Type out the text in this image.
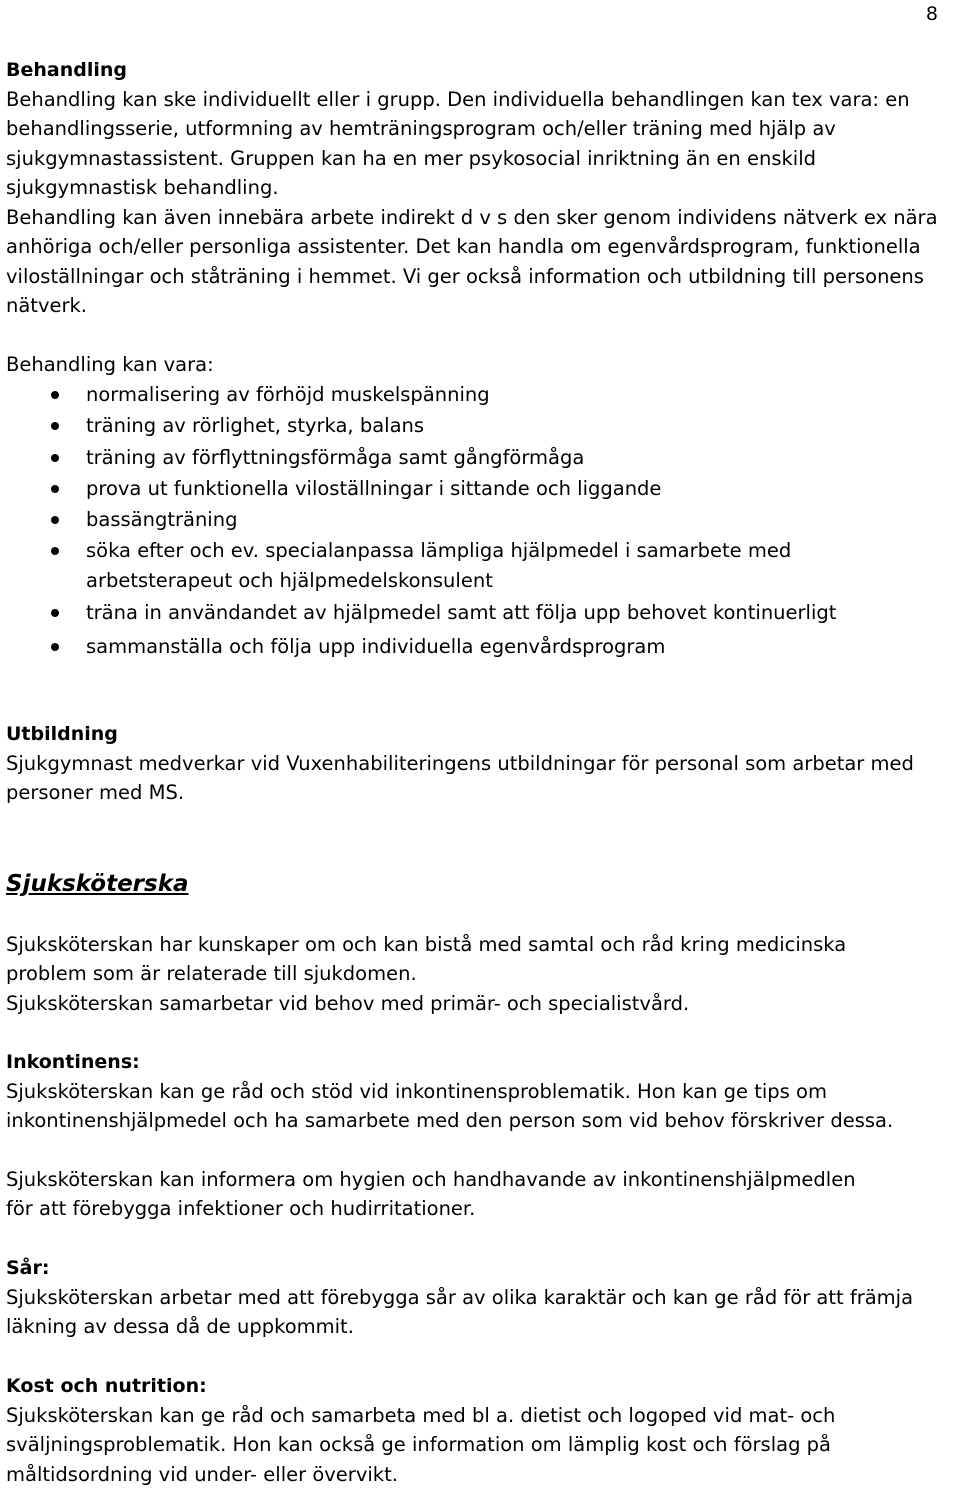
8
Behandling

Behandling kan ske individuellt eller i grupp. Den individuella behandlingen kan tex vara: en behandlingsserie, utformning av hemträningsprogram och/eller träning med hjälp av sjukgymnastassistent. Gruppen kan ha en mer psykosocial inriktning än en enskild sjukgymnastisk behandling.

Behandling kan även innebära arbete indirekt d v s den sker genom individens nätverk ex nära anhöriga och/eller personliga assistenter. Det kan handla om egenvårdsprogram, funktionella viloställningar och ståträning i hemmet. Vi ger också information och utbildning till personens nätverk.

Behandling kan vara:

normalisering av förhöjd muskelspänning
träning av rörlighet, styrka, balans
träning av förflyttningsförmåga samt gångförmåga
prova ut funktionella viloställningar i sittande och liggande
bassängträning
söka efter och ev. specialanpassa lämpliga hjälpmedel i samarbete med arbetsterapeut och hjälpmedelskonsulent
träna in användandet av hjälpmedel samt att följa upp behovet kontinuerligt
sammanställa och följa upp individuella egenvårdsprogram
Utbildning

Sjukgymnast medverkar vid Vuxenhabiliteringens utbildningar för personal som arbetar med personer med MS.

Sjuksköterska

Sjuksköterskan har kunskaper om och kan bistå med samtal och råd kring medicinska problem som är relaterade till sjukdomen.

Sjuksköterskan samarbetar vid behov med primär- och specialistvård.

Inkontinens:

Sjuksköterskan kan ge råd och stöd vid inkontinensproblematik. Hon kan ge tips om inkontinenshjälpmedel och ha samarbete med den person som vid behov förskriver dessa.

Sjuksköterskan kan informera om hygien och handhavande av inkontinenshjälpmedlen för att förebygga infektioner och hudirritationer.

Sår:

Sjuksköterskan arbetar med att förebygga sår av olika karaktär och kan ge råd för att främja läkning av dessa då de uppkommit.

Kost och nutrition:

Sjuksköterskan kan ge råd och samarbeta med bl a. dietist och logoped vid mat- och sväljningsproblematik. Hon kan också ge information om lämplig kost och förslag på måltidsordning vid under- eller övervikt.
